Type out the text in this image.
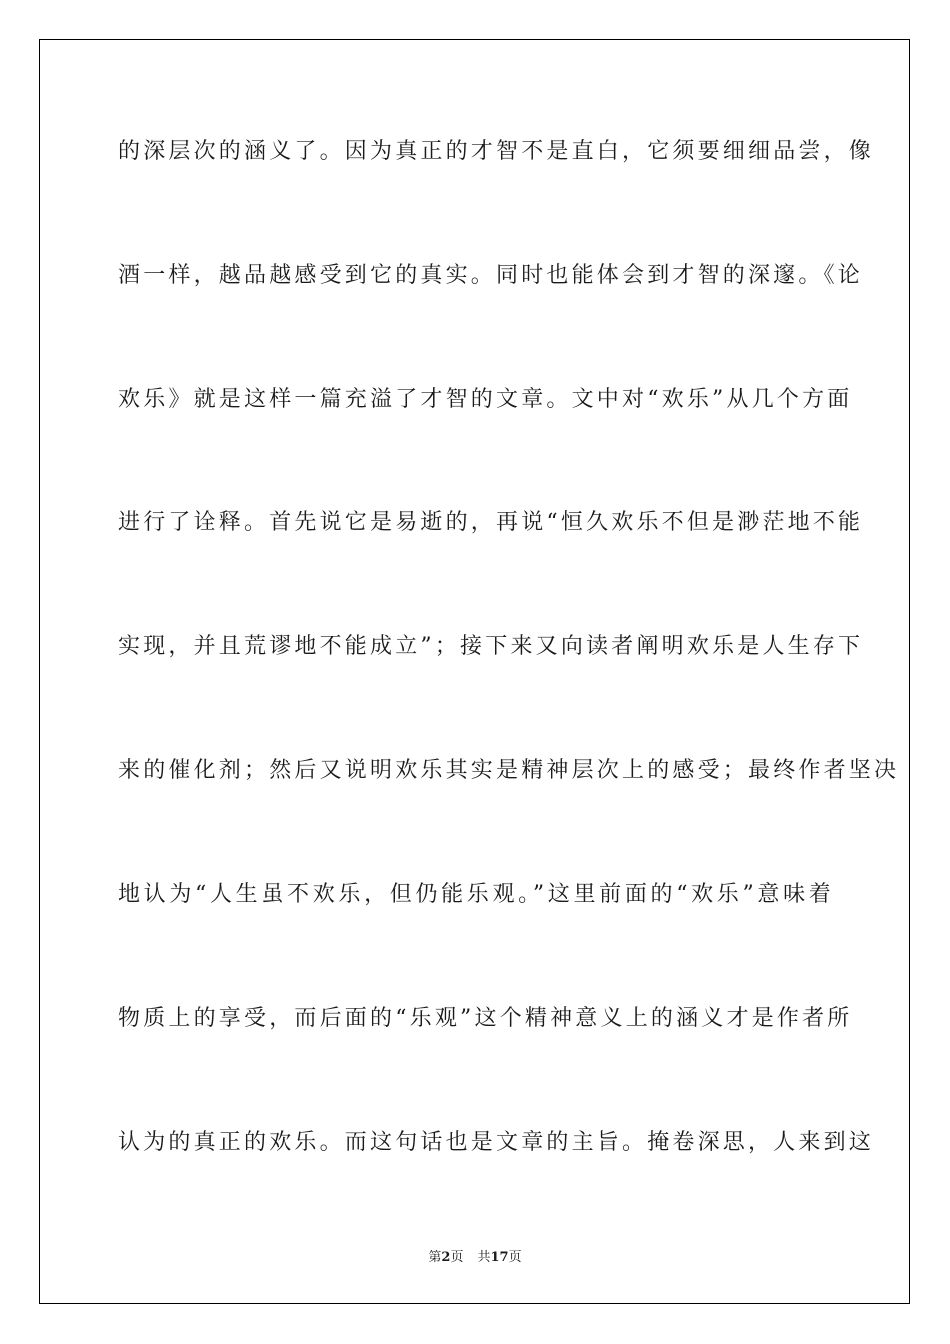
的深层次的涵义了。因为真正的才智不是直白，它须要细细品尝，像
酒一样，越品越感受到它的真实。同时也能体会到才智的深邃。《论
欢乐》就是这样一篇充溢了才智的文章。文中对“欢乐”从几个方面
进行了诠释。首先说它是易逝的，再说“恒久欢乐不但是渺茫地不能
实现，并且荒谬地不能成立”；接下来又向读者阐明欢乐是人生存下
来的催化剂；然后又说明欢乐其实是精神层次上的感受；最终作者坚决
地认为“人生虽不欢乐，但仍能乐观。”这里前面的“欢乐”意味着
物质上的享受，而后面的“乐观”这个精神意义上的涵义才是作者所
认为的真正的欢乐。而这句话也是文章的主旨。掩卷深思，人来到这
第2页 共17页
